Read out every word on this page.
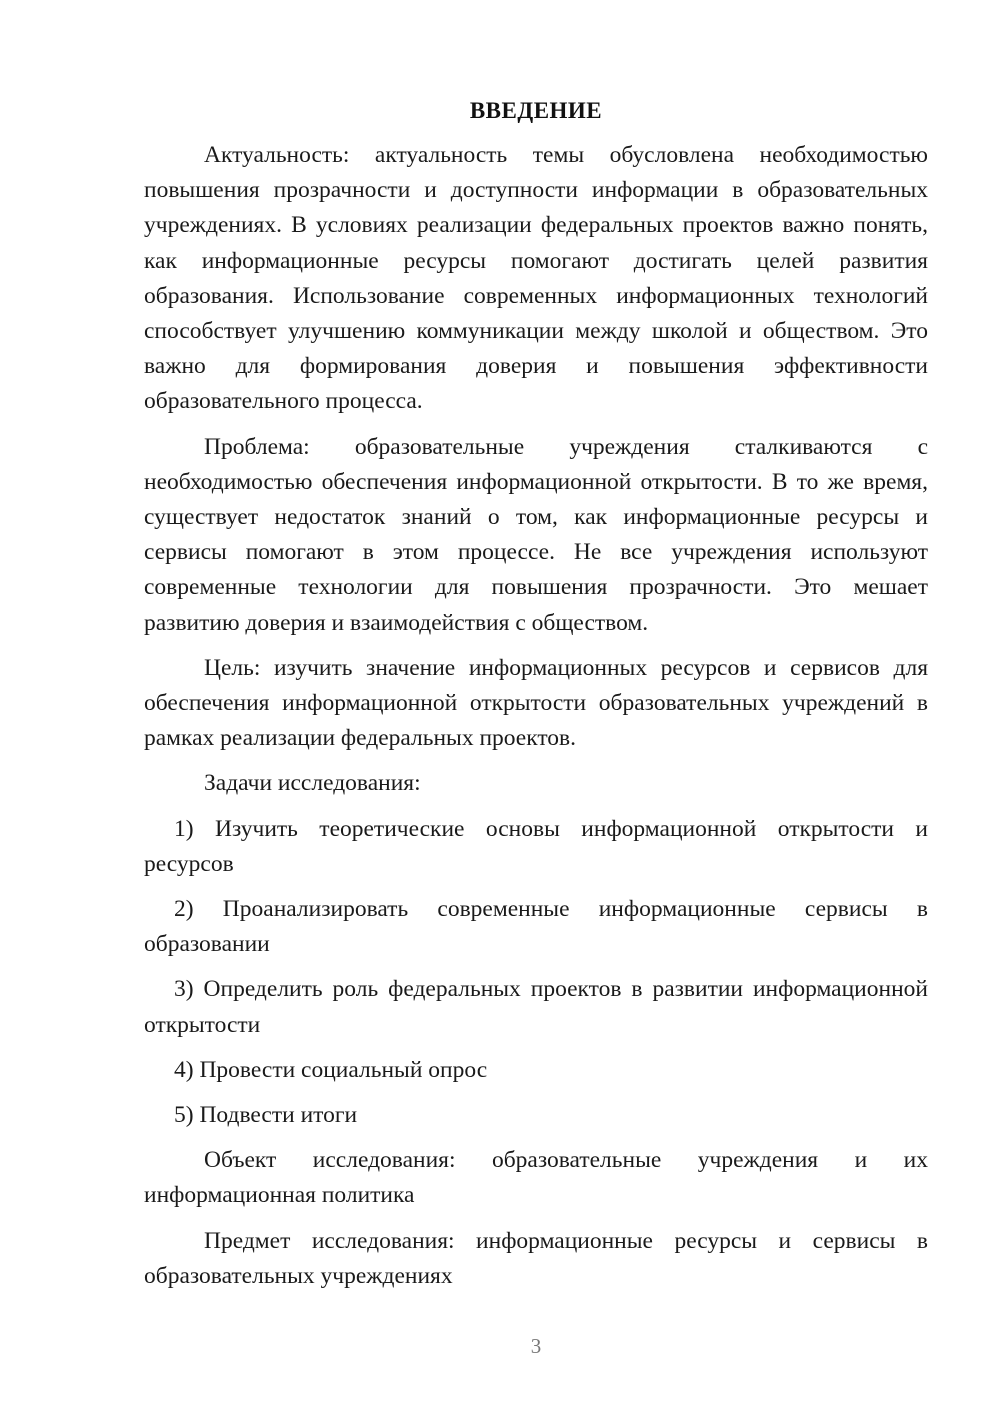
ВВЕДЕНИЕ

Актуальность: актуальность темы обусловлена необходимостью повышения прозрачности и доступности информации в образовательных учреждениях. В условиях реализации федеральных проектов важно понять, как информационные ресурсы помогают достигать целей развития образования. Использование современных информационных технологий способствует улучшению коммуникации между школой и обществом. Это важно для формирования доверия и повышения эффективности образовательного процесса.

Проблема: образовательные учреждения сталкиваются с необходимостью обеспечения информационной открытости. В то же время, существует недостаток знаний о том, как информационные ресурсы и сервисы помогают в этом процессе. Не все учреждения используют современные технологии для повышения прозрачности. Это мешает развитию доверия и взаимодействия с обществом.

Цель: изучить значение информационных ресурсов и сервисов для обеспечения информационной открытости образовательных учреждений в рамках реализации федеральных проектов.

Задачи исследования:

1) Изучить теоретические основы информационной открытости и ресурсов

2) Проанализировать современные информационные сервисы в образовании

3) Определить роль федеральных проектов в развитии информационной открытости

4) Провести социальный опрос

5) Подвести итоги

Объект исследования: образовательные учреждения и их информационная политика

Предмет исследования: информационные ресурсы и сервисы в образовательных учреждениях

3
